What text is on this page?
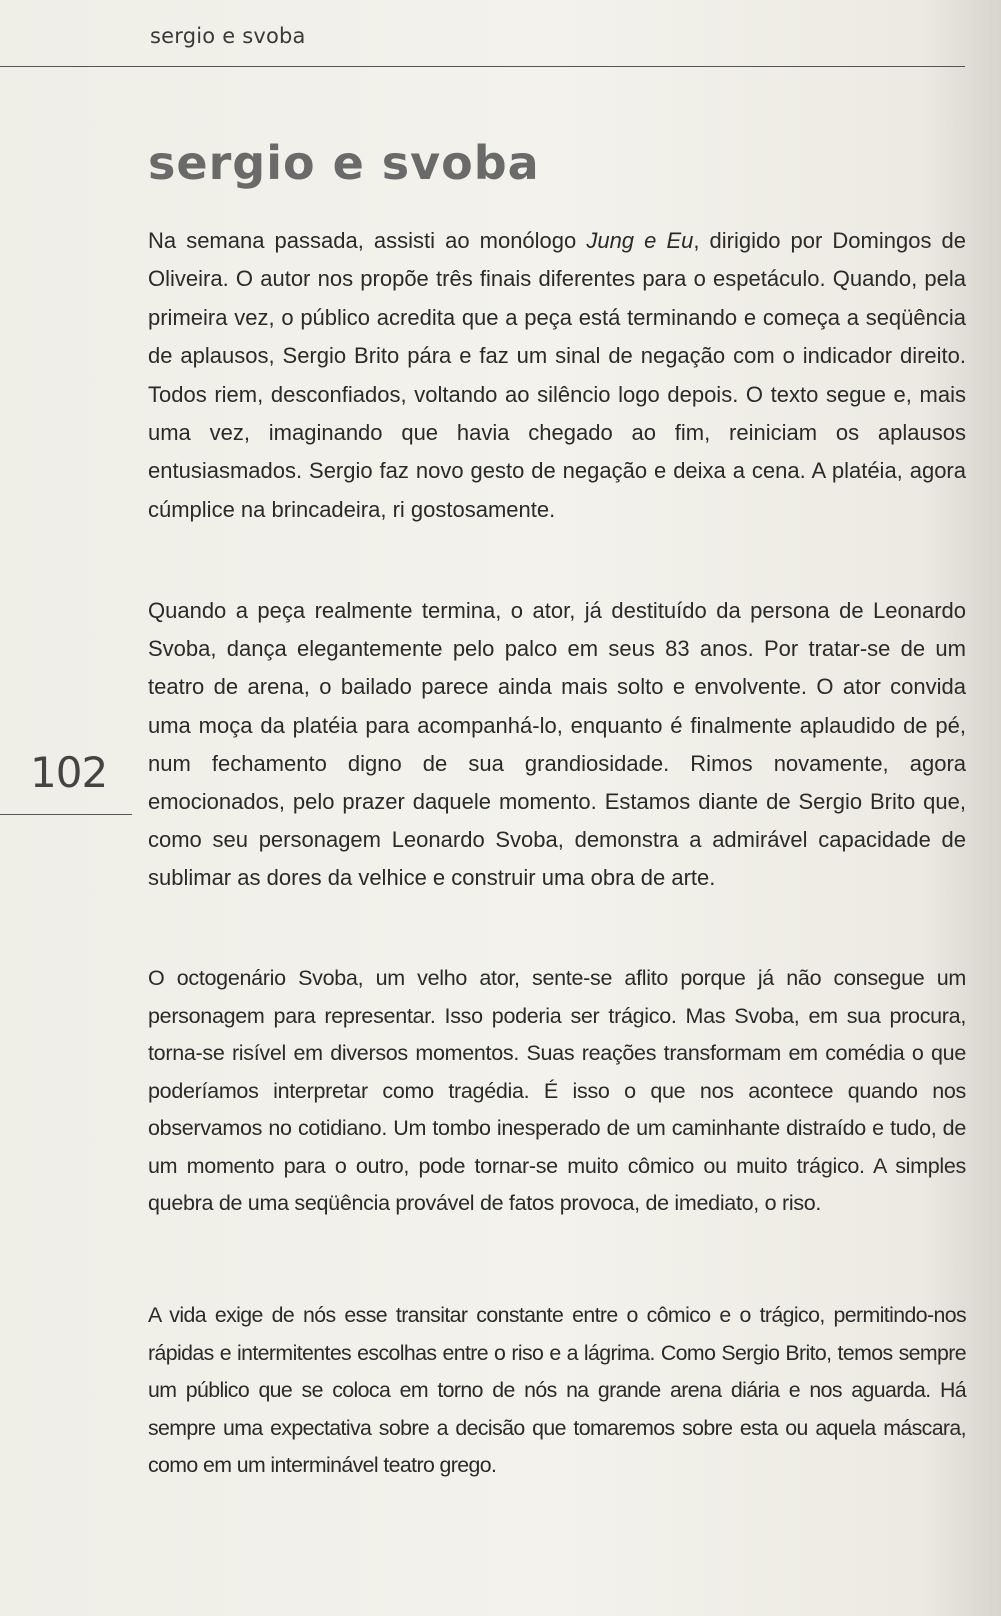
sergio e svoba

sergio e svoba

Na semana passada, assisti ao monólogo Jung e Eu, dirigido por Domingos de Oliveira. O autor nos propõe três finais diferentes para o espetáculo. Quando, pela primeira vez, o público acredita que a peça está terminando e começa a seqüência de aplausos, Sergio Brito pára e faz um sinal de negação com o indicador direito. Todos riem, desconfiados, voltando ao silêncio logo depois. O texto segue e, mais uma vez, imaginando que havia chegado ao fim, reiniciam os aplausos entusiasmados. Sergio faz novo gesto de negação e deixa a cena. A platéia, agora cúmplice na brincadeira, ri gostosamente.

Quando a peça realmente termina, o ator, já destituído da persona de Leonardo Svoba, dança elegantemente pelo palco em seus 83 anos. Por tratar-se de um teatro de arena, o bailado parece ainda mais solto e envolvente. O ator convida uma moça da platéia para acompanhá-lo, enquanto é finalmente aplaudido de pé, num fechamento digno de sua grandiosidade. Rimos novamente, agora emocionados, pelo prazer daquele momento. Estamos diante de Sergio Brito que, como seu personagem Leonardo Svoba, demonstra a admirável capacidade de sublimar as dores da velhice e construir uma obra de arte.

102

O octogenário Svoba, um velho ator, sente-se aflito porque já não consegue um personagem para representar. Isso poderia ser trágico. Mas Svoba, em sua procura, torna-se risível em diversos momentos. Suas reações transformam em comédia o que poderíamos interpretar como tragédia. É isso o que nos acontece quando nos observamos no cotidiano. Um tombo inesperado de um caminhante distraído e tudo, de um momento para o outro, pode tornar-se muito cômico ou muito trágico. A simples quebra de uma seqüência provável de fatos provoca, de imediato, o riso.

A vida exige de nós esse transitar constante entre o cômico e o trágico, permitindo-nos rápidas e intermitentes escolhas entre o riso e a lágrima. Como Sergio Brito, temos sempre um público que se coloca em torno de nós na grande arena diária e nos aguarda. Há sempre uma expectativa sobre a decisão que tomaremos sobre esta ou aquela máscara, como em um interminável teatro grego.
